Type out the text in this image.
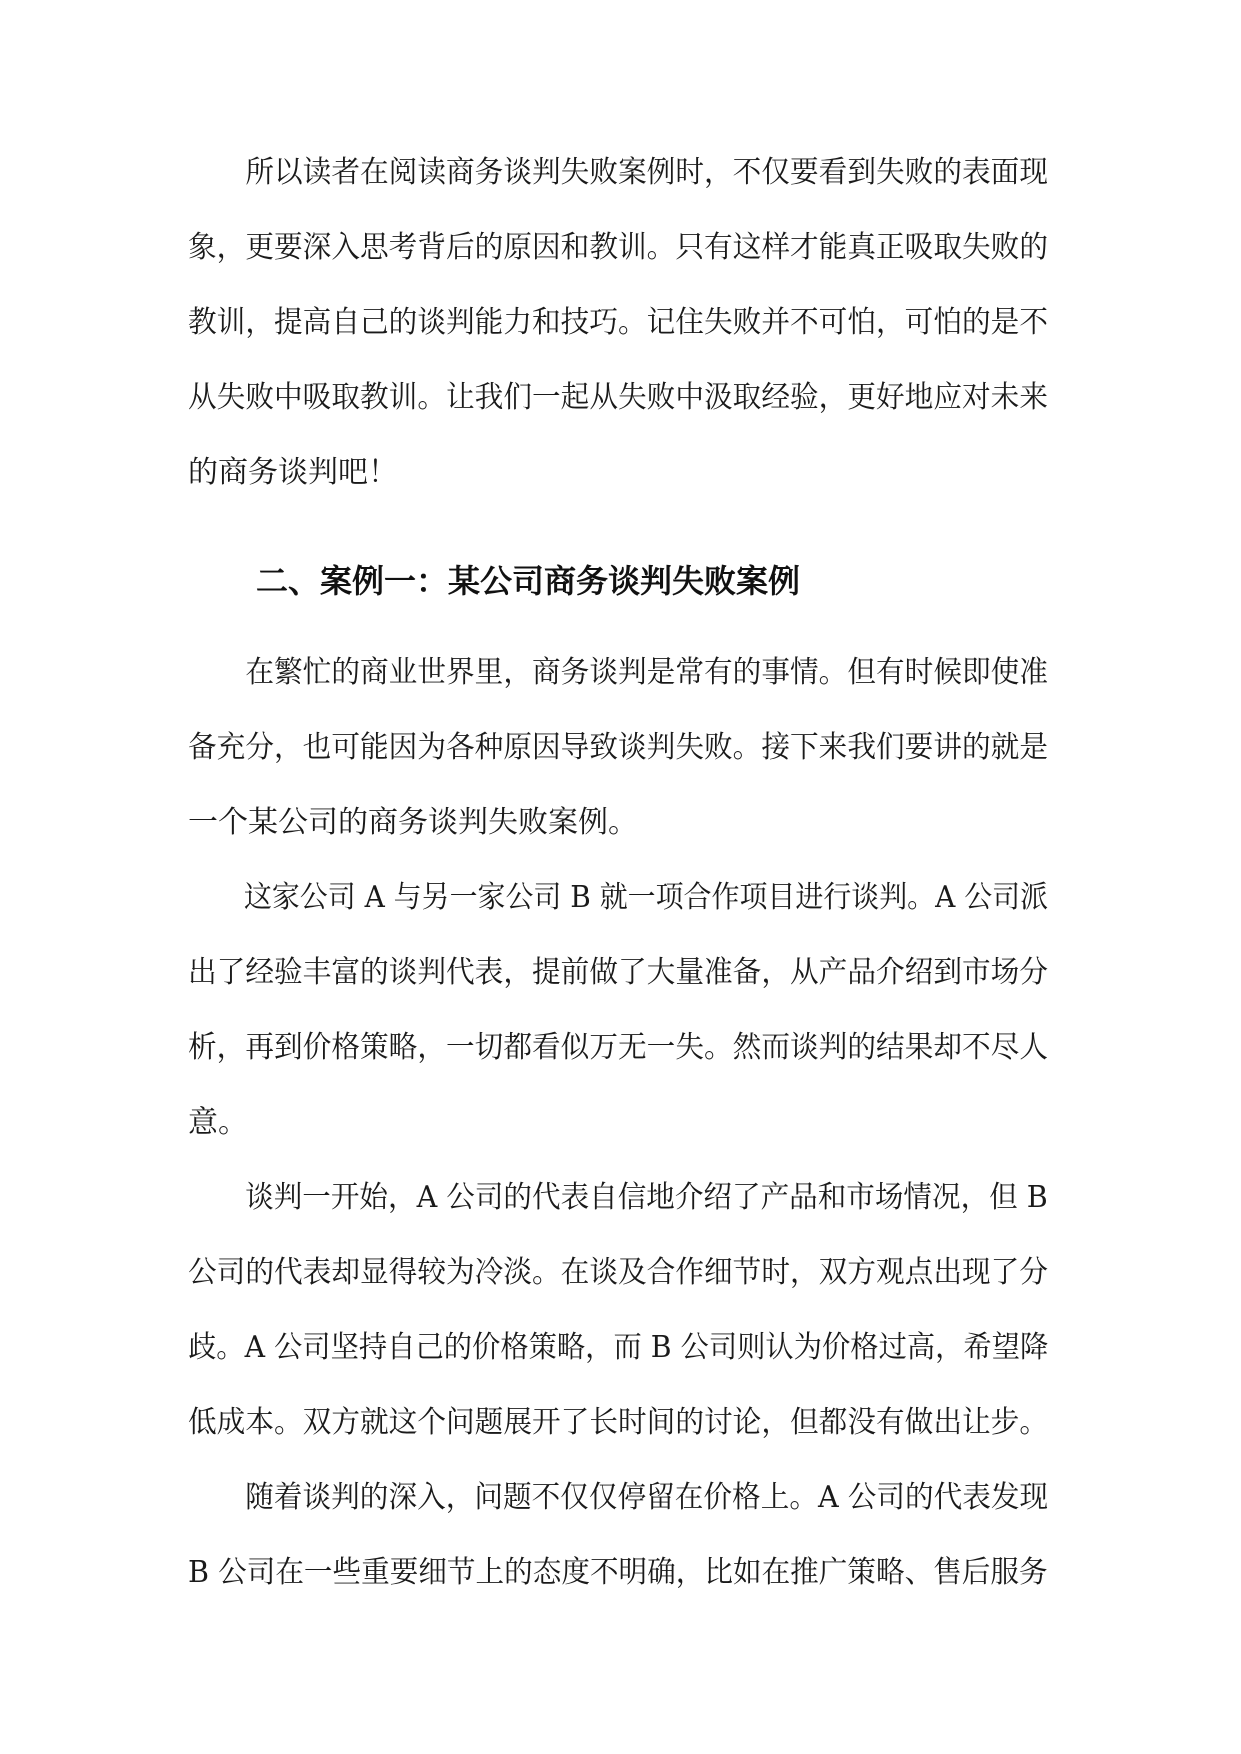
　　所以读者在阅读商务谈判失败案例时，不仅要看到失败的表面现
象，更要深入思考背后的原因和教训。只有这样才能真正吸取失败的
教训，提高自己的谈判能力和技巧。记住失败并不可怕，可怕的是不
从失败中吸取教训。让我们一起从失败中汲取经验，更好地应对未来
的商务谈判吧！
二、案例一：某公司商务谈判失败案例
　　在繁忙的商业世界里，商务谈判是常有的事情。但有时候即使准
备充分，也可能因为各种原因导致谈判失败。接下来我们要讲的就是
一个某公司的商务谈判失败案例。
　　这家公司 A 与另一家公司 B 就一项合作项目进行谈判。A 公司派
出了经验丰富的谈判代表，提前做了大量准备，从产品介绍到市场分
析，再到价格策略，一切都看似万无一失。然而谈判的结果却不尽人
意。
　　谈判一开始，A 公司的代表自信地介绍了产品和市场情况，但 B
公司的代表却显得较为冷淡。在谈及合作细节时，双方观点出现了分
歧。A 公司坚持自己的价格策略，而 B 公司则认为价格过高，希望降
低成本。双方就这个问题展开了长时间的讨论，但都没有做出让步。
　　随着谈判的深入，问题不仅仅停留在价格上。A 公司的代表发现
B 公司在一些重要细节上的态度不明确，比如在推广策略、售后服务
